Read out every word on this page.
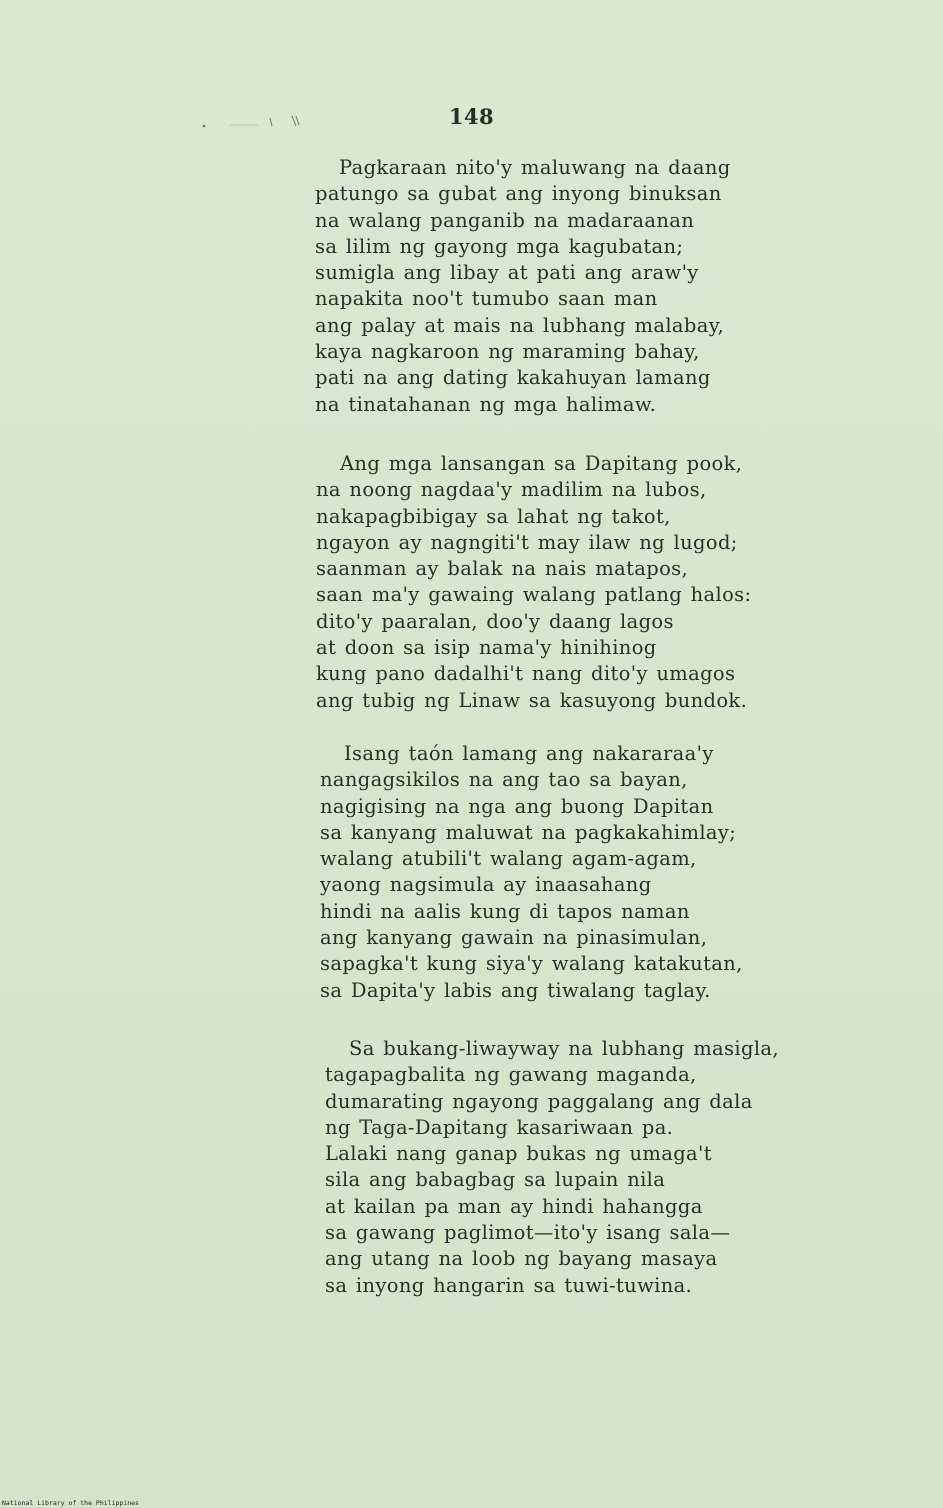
148
Pagkaraan nito'y maluwang na daang
patungo sa gubat ang inyong binuksan
na walang panganib na madaraanan
sa lilim ng gayong mga kagubatan;
sumigla ang libay at pati ang araw'y
napakita noo't tumubo saan man
ang palay at mais na lubhang malabay,
kaya nagkaroon ng maraming bahay,
pati na ang dating kakahuyan lamang
na tinatahanan ng mga halimaw.
Ang mga lansangan sa Dapitang pook,
na noong nagdaa'y madilim na lubos,
nakapagbibigay sa lahat ng takot,
ngayon ay nagngiti't may ilaw ng lugod;
saanman ay balak na nais matapos,
saan ma'y gawaing walang patlang halos:
dito'y paaralan, doo'y daang lagos
at doon sa isip nama'y hinihinog
kung pano dadalhi't nang dito'y umagos
ang tubig ng Linaw sa kasuyong bundok.
Isang taón lamang ang nakararaa'y
nangagsikilos na ang tao sa bayan,
nagigising na nga ang buong Dapitan
sa kanyang maluwat na pagkakahimlay;
walang atubili't walang agam-agam,
yaong nagsimula ay inaasahang
hindi na aalis kung di tapos naman
ang kanyang gawain na pinasimulan,
sapagka't kung siya'y walang katakutan,
sa Dapita'y labis ang tiwalang taglay.
Sa bukang-liwayway na lubhang masigla,
tagapagbalita ng gawang maganda,
dumarating ngayong paggalang ang dala
ng Taga-Dapitang kasariwaan pa.
Lalaki nang ganap bukas ng umaga't
sila ang babagbag sa lupain nila
at kailan pa man ay hindi hahangga
sa gawang paglimot—ito'y isang sala—
ang utang na loob ng bayang masaya
sa inyong hangarin sa tuwi-tuwina.
National Library of the Philippines
